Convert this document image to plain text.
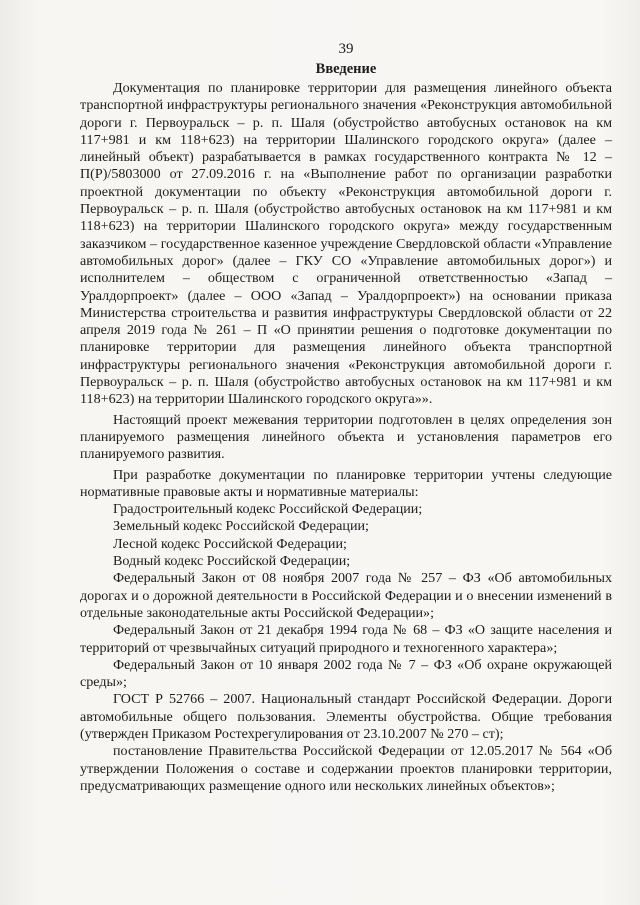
39
Введение

Документация по планировке территории для размещения линейного объекта транспортной инфраструктуры регионального значения «Реконструкция автомобильной дороги г. Первоуральск – р. п. Шаля (обустройство автобусных остановок на км 117+981 и км 118+623) на территории Шалинского городского округа» (далее – линейный объект) разрабатывается в рамках государственного контракта № 12 – П(Р)/5803000 от 27.09.2016 г. на «Выполнение работ по организации разработки проектной документации по объекту «Реконструкция автомобильной дороги г. Первоуральск – р. п. Шаля (обустройство автобусных остановок на км 117+981 и км 118+623) на территории Шалинского городского округа» между государственным заказчиком – государственное казенное учреждение Свердловской области «Управление автомобильных дорог» (далее – ГКУ СО «Управление автомобильных дорог») и исполнителем – обществом с ограниченной ответственностью «Запад – Уралдорпроект» (далее – ООО «Запад – Уралдорпроект») на основании приказа Министерства строительства и развития инфраструктуры Свердловской области от 22 апреля 2019 года № 261 – П «О принятии решения о подготовке документации по планировке территории для размещения линейного объекта транспортной инфраструктуры регионального значения «Реконструкция автомобильной дороги г. Первоуральск – р. п. Шаля (обустройство автобусных остановок на км 117+981 и км 118+623) на территории Шалинского городского округа»».

Настоящий проект межевания территории подготовлен в целях определения зон планируемого размещения линейного объекта и установления параметров его планируемого развития.

При разработке документации по планировке территории учтены следующие нормативные правовые акты и нормативные материалы:

Градостроительный кодекс Российской Федерации;

Земельный кодекс Российской Федерации;

Лесной кодекс Российской Федерации;

Водный кодекс Российской Федерации;

Федеральный Закон от 08 ноября 2007 года № 257 – ФЗ «Об автомобильных дорогах и о дорожной деятельности в Российской Федерации и о внесении изменений в отдельные законодательные акты Российской Федерации»;

Федеральный Закон от 21 декабря 1994 года № 68 – ФЗ «О защите населения и территорий от чрезвычайных ситуаций природного и техногенного характера»;

Федеральный Закон от 10 января 2002 года № 7 – ФЗ «Об охране окружающей среды»;

ГОСТ Р 52766 – 2007. Национальный стандарт Российской Федерации. Дороги автомобильные общего пользования. Элементы обустройства. Общие требования (утвержден Приказом Ростехрегулирования от 23.10.2007 № 270 – ст);

постановление Правительства Российской Федерации от 12.05.2017 № 564 «Об утверждении Положения о составе и содержании проектов планировки территории, предусматривающих размещение одного или нескольких линейных объектов»;
